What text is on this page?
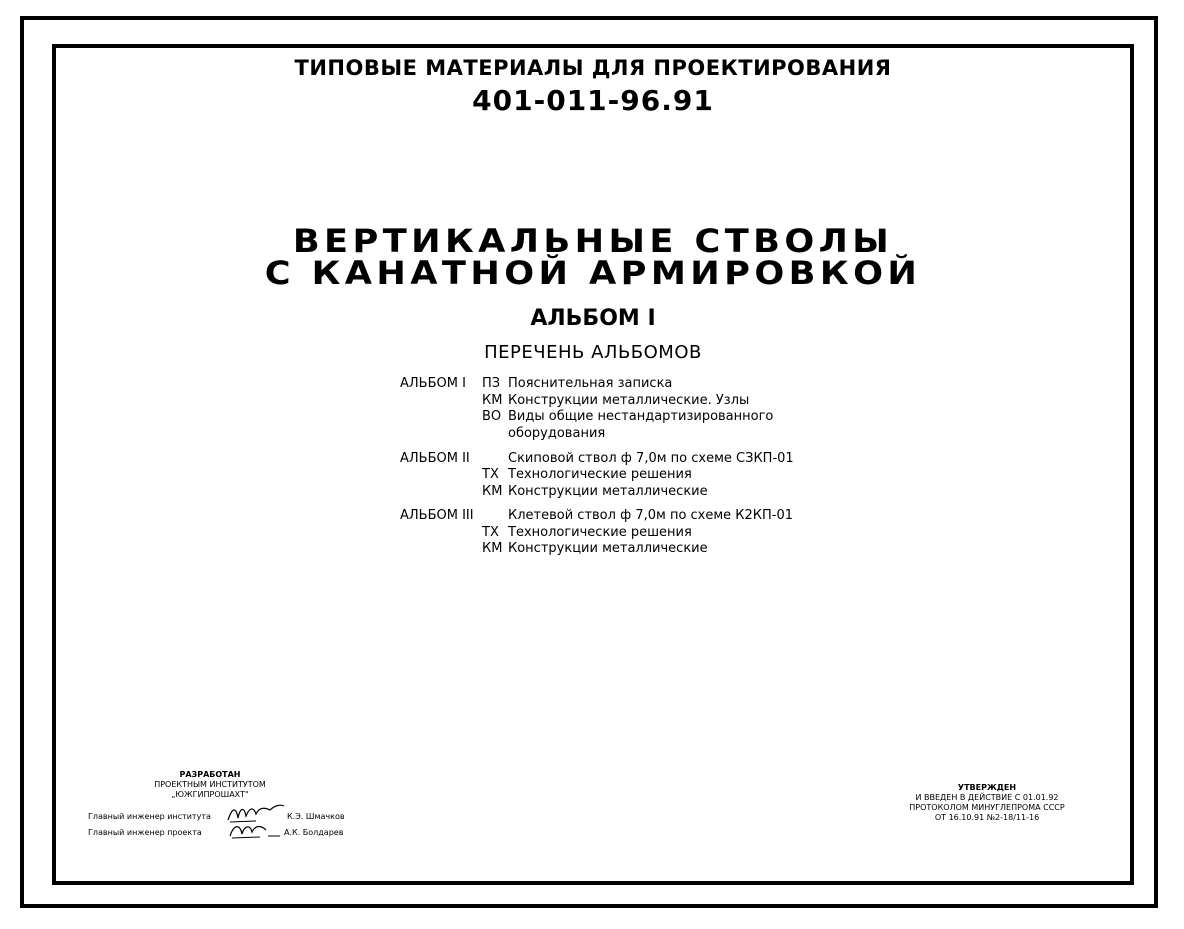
ТИПОВЫЕ МАТЕРИАЛЫ ДЛЯ ПРОЕКТИРОВАНИЯ
401-011-96.91
ВЕРТИКАЛЬНЫЕ СТВОЛЫ
С КАНАТНОЙ АРМИРОВКОЙ
АЛЬБОМ I
ПЕРЕЧЕНЬ АЛЬБОМОВ
АЛЬБОМ I ПЗ Пояснительная записка
КМ Конструкции металлические. Узлы
ВО Виды общие нестандартизированного
оборудования
АЛЬБОМ II	Скиповой ствол ф 7,0м по схеме СЗКП-01
ТХ Технологические решения
КМ Конструкции металлические
АЛЬБОМ III	Клетевой ствол ф 7,0м по схеме К2КП-01
ТХ Технологические решения
КМ Конструкции металлические
РАЗРАБОТАН
ПРОЕКТНЫМ ИНСТИТУТОМ
„ЮЖГИПРОШАХТ"
Главный инженер института	К.Э. Шмачков
Главный инженер проекта	А.К. Болдарев
УТВЕРЖДЕН
И ВВЕДЕН В ДЕЙСТВИЕ С 01.01.92
ПРОТОКОЛОМ МИНУГЛЕПРОМА СССР
ОТ 16.10.91 №2-18/11-16
